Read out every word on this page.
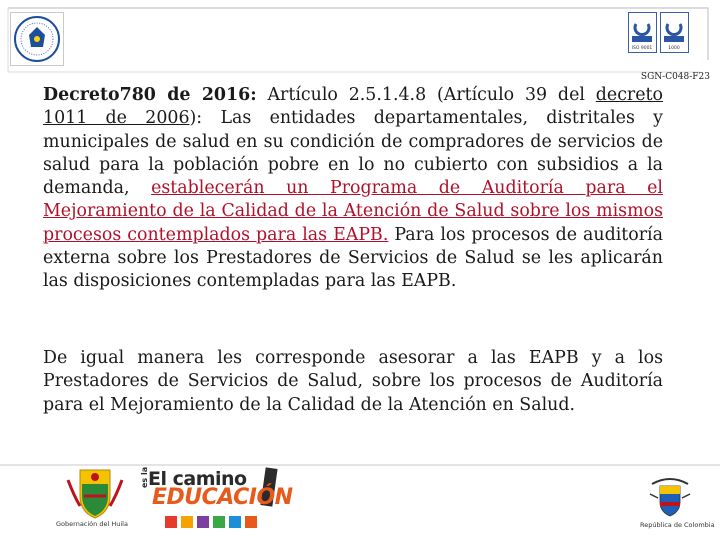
ISO 9001	1000
SGN-C048-F23
Decreto780 de 2016: Artículo 2.5.1.4.8 (Artículo 39 del decreto 1011 de 2006): Las entidades departamentales, distritales y municipales de salud en su condición de compradores de servicios de salud para la población pobre en lo no cubierto con subsidios a la demanda, establecerán un Programa de Auditoría para el Mejoramiento de la Calidad de la Atención de Salud sobre los mismos procesos contemplados para las EAPB. Para los procesos de auditoría externa sobre los Prestadores de Servicios de Salud se les aplicarán las disposiciones contempladas para las EAPB.
De igual manera les corresponde asesorar a las EAPB y a los Prestadores de Servicios de Salud, sobre los procesos de Auditoría para el Mejoramiento de la Calidad de la Atención en Salud.
Gobernación del Huila
El camino
es la
EDUCACIÓN
República de Colombia
